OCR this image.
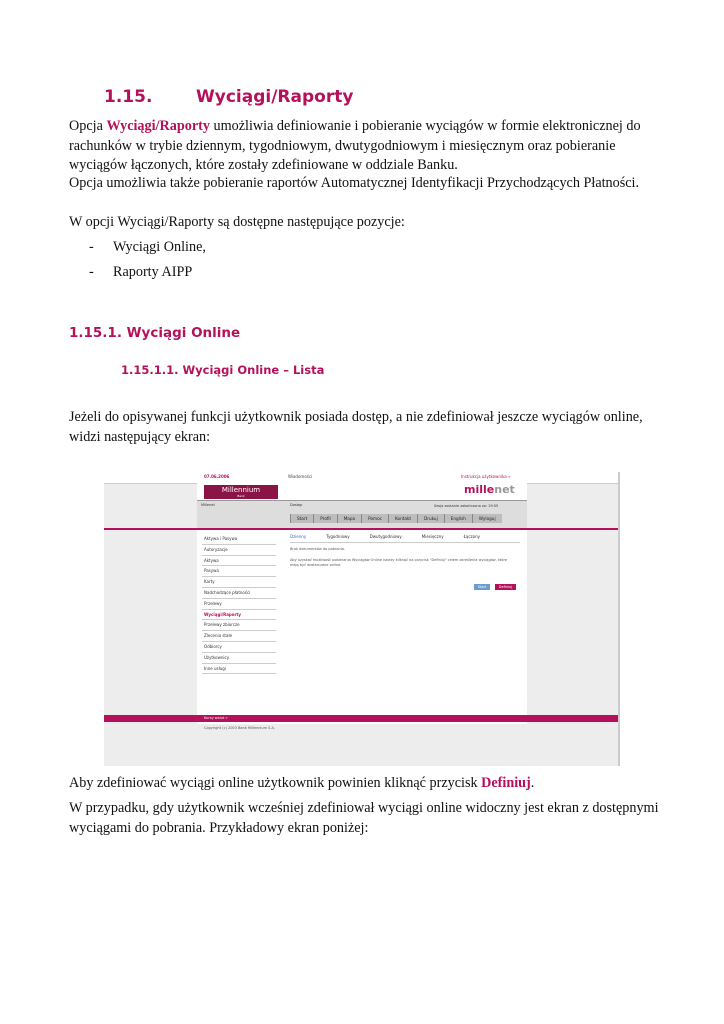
1.15.	Wyciągi/Raporty
Opcja Wyciągi/Raporty umożliwia definiowanie i pobieranie wyciągów w formie elektronicznej do rachunków w trybie dziennym, tygodniowym, dwutygodniowym i miesięcznym oraz pobieranie wyciągów łączonych, które zostały zdefiniowane w oddziale Banku.
Opcja umożliwia także pobieranie raportów Automatycznej Identyfikacji Przychodzących Płatności.
W opcji Wyciągi/Raporty są dostępne następujące pozycje:
- Wyciągi Online,
- Raporty AIPP
1.15.1. Wyciągi Online
1.15.1.1. Wyciągi Online – Lista
Jeżeli do opisywanej funkcji użytkownik posiada dostęp, a nie zdefiniował jeszcze wyciągów online, widzi następujący ekran:
07.06.2006	Wiadomości	Instrukcja użytkownika »
Millennium
Bank	millenet
Millenet	Dostęp	Sesja zostanie zakończona za: 19:55
Start	Profil	Mapa	Pomoc	Kontakt	Drukuj	English	Wyloguj
Aktywa i Pasywa
Autoryzacje
Aktywa
Pasywa
Karty
Nadchodzące płatności
Przelewy
Wyciągi/Raporty
Przelewy zbiorcze
Zlecenia stałe
Odbiorcy
Użytkownicy
Inne usługi
Dzienny	Tygodniowy	Dwutygodniowy	Miesięczny	Łączony
Brak dokumentów do pobrania.
Aby uzyskać możliwość pobierania Wyciągów Online należy kliknąć na przycisk "Definiuj" celem określenia wyciągów, które mają być dostarczane online.
Start	Definiuj
Kursy walut »
Copyright (c) 2003 Bank Millennium S.A.
Aby zdefiniować wyciągi online użytkownik powinien kliknąć przycisk Definiuj.
W przypadku, gdy użytkownik wcześniej zdefiniował wyciągi online widoczny jest ekran z dostępnymi wyciągami do pobrania. Przykładowy ekran poniżej:
